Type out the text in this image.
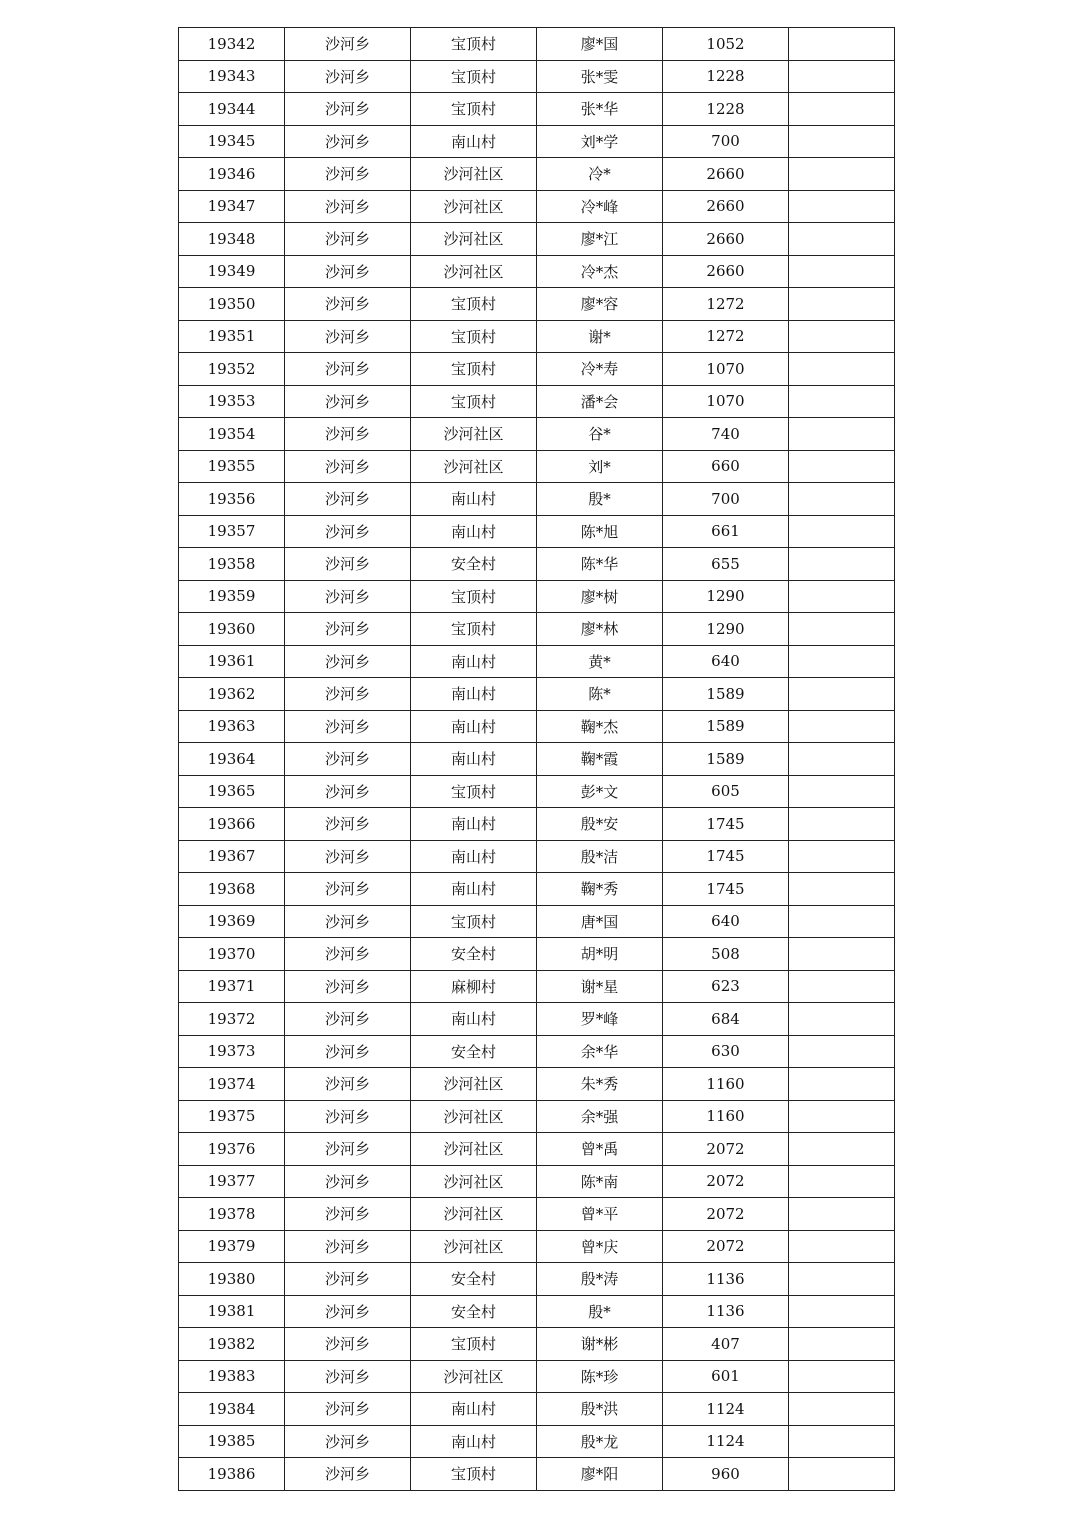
19342	沙河乡	宝顶村	廖*国	1052	
19343	沙河乡	宝顶村	张*雯	1228	
19344	沙河乡	宝顶村	张*华	1228	
19345	沙河乡	南山村	刘*学	700	
19346	沙河乡	沙河社区	冷*	2660	
19347	沙河乡	沙河社区	冷*峰	2660	
19348	沙河乡	沙河社区	廖*江	2660	
19349	沙河乡	沙河社区	冷*杰	2660	
19350	沙河乡	宝顶村	廖*容	1272	
19351	沙河乡	宝顶村	谢*	1272	
19352	沙河乡	宝顶村	冷*寿	1070	
19353	沙河乡	宝顶村	潘*会	1070	
19354	沙河乡	沙河社区	谷*	740	
19355	沙河乡	沙河社区	刘*	660	
19356	沙河乡	南山村	殷*	700	
19357	沙河乡	南山村	陈*旭	661	
19358	沙河乡	安全村	陈*华	655	
19359	沙河乡	宝顶村	廖*树	1290	
19360	沙河乡	宝顶村	廖*林	1290	
19361	沙河乡	南山村	黄*	640	
19362	沙河乡	南山村	陈*	1589	
19363	沙河乡	南山村	鞠*杰	1589	
19364	沙河乡	南山村	鞠*霞	1589	
19365	沙河乡	宝顶村	彭*文	605	
19366	沙河乡	南山村	殷*安	1745	
19367	沙河乡	南山村	殷*洁	1745	
19368	沙河乡	南山村	鞠*秀	1745	
19369	沙河乡	宝顶村	唐*国	640	
19370	沙河乡	安全村	胡*明	508	
19371	沙河乡	麻柳村	谢*星	623	
19372	沙河乡	南山村	罗*峰	684	
19373	沙河乡	安全村	余*华	630	
19374	沙河乡	沙河社区	朱*秀	1160	
19375	沙河乡	沙河社区	余*强	1160	
19376	沙河乡	沙河社区	曾*禹	2072	
19377	沙河乡	沙河社区	陈*南	2072	
19378	沙河乡	沙河社区	曾*平	2072	
19379	沙河乡	沙河社区	曾*庆	2072	
19380	沙河乡	安全村	殷*涛	1136	
19381	沙河乡	安全村	殷*	1136	
19382	沙河乡	宝顶村	谢*彬	407	
19383	沙河乡	沙河社区	陈*珍	601	
19384	沙河乡	南山村	殷*洪	1124	
19385	沙河乡	南山村	殷*龙	1124	
19386	沙河乡	宝顶村	廖*阳	960	
